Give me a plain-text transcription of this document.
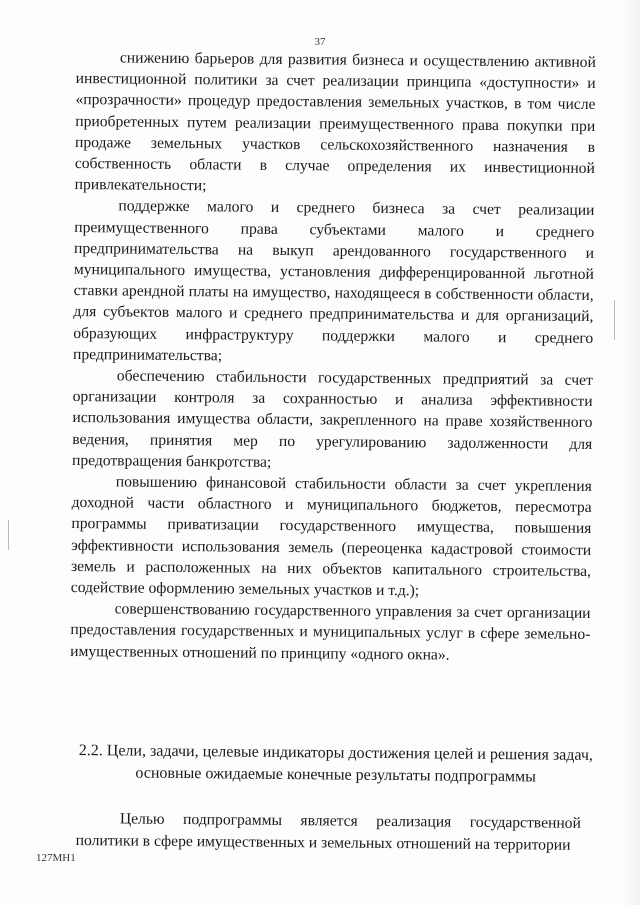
37

снижению барьеров для развития бизнеса и осуществлению активной инвестиционной политики за счет реализации принципа «доступности» и «прозрачности» процедур предоставления земельных участков, в том числе приобретенных путем реализации преимущественного права покупки при продаже земельных участков сельскохозяйственного назначения в собственность области в случае определения их инвестиционной привлекательности;

поддержке малого и среднего бизнеса за счет реализации преимущественного права субъектами малого и среднего предпринимательства на выкуп арендованного государственного и муниципального имущества, установления дифференцированной льготной ставки арендной платы на имущество, находящееся в собственности области, для субъектов малого и среднего предпринимательства и для организаций, образующих инфраструктуру поддержки малого и среднего предпринимательства;

обеспечению стабильности государственных предприятий за счет организации контроля за сохранностью и анализа эффективности использования имущества области, закрепленного на праве хозяйственного ведения, принятия мер по урегулированию задолженности для предотвращения банкротства;

повышению финансовой стабильности области за счет укрепления доходной части областного и муниципального бюджетов, пересмотра программы приватизации государственного имущества, повышения эффективности использования земель (переоценка кадастровой стоимости земель и расположенных на них объектов капитального строительства, содействие оформлению земельных участков и т.д.);

совершенствованию государственного управления за счет организации предоставления государственных и муниципальных услуг в сфере земельно-имущественных отношений по принципу «одного окна».

2.2. Цели, задачи, целевые индикаторы достижения целей и решения задач, основные ожидаемые конечные результаты подпрограммы
Целью подпрограммы является реализация государственной политики в сфере имущественных и земельных отношений на территории
127МН1
